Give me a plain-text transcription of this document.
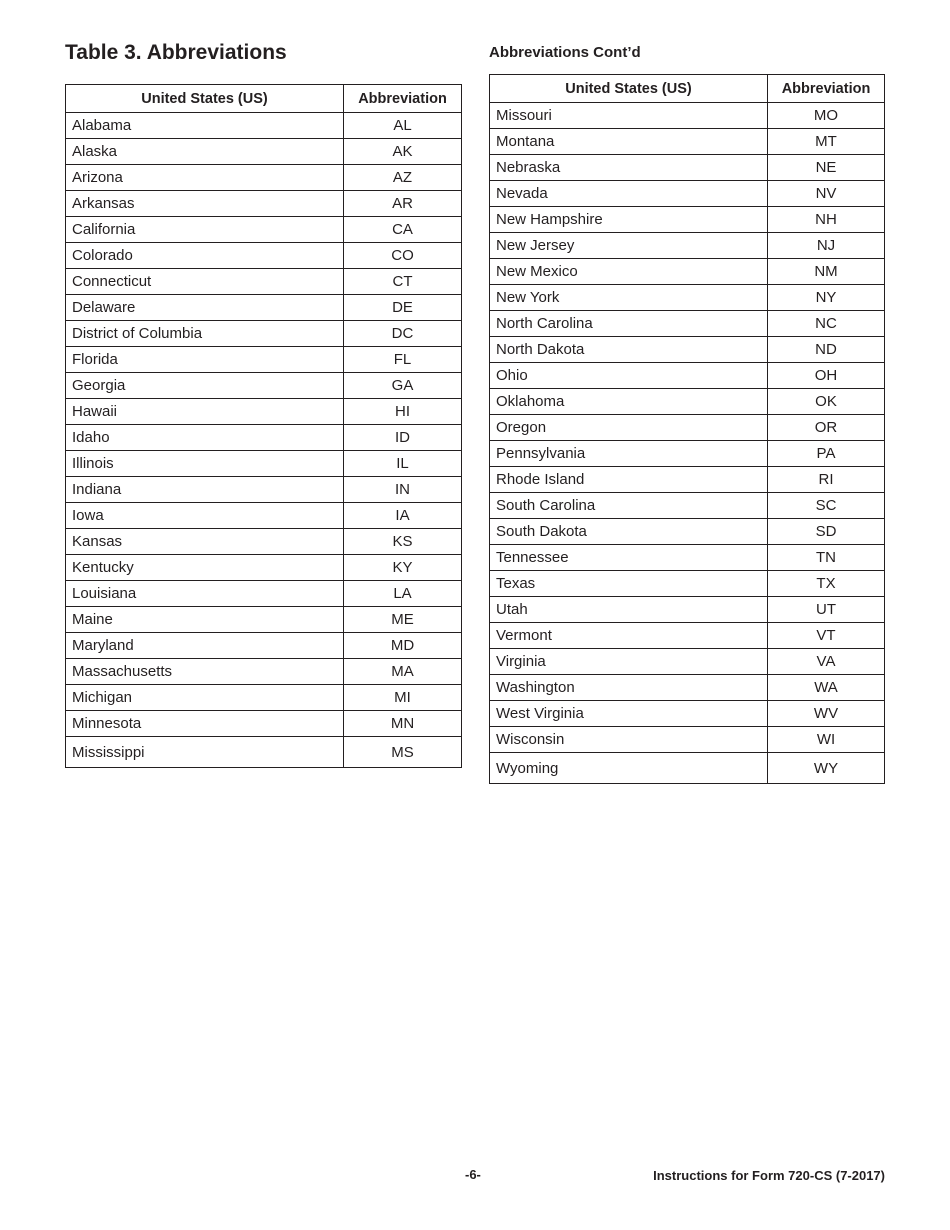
Table 3. Abbreviations	Abbreviations Cont’d
United States (US)	Abbreviation
Alabama	AL
Alaska	AK
Arizona	AZ
Arkansas	AR
California	CA
Colorado	CO
Connecticut	CT
Delaware	DE
District of Columbia	DC
Florida	FL
Georgia	GA
Hawaii	HI
Idaho	ID
Illinois	IL
Indiana	IN
Iowa	IA
Kansas	KS
Kentucky	KY
Louisiana	LA
Maine	ME
Maryland	MD
Massachusetts	MA
Michigan	MI
Minnesota	MN
Mississippi	MS
United States (US)	Abbreviation
Missouri	MO
Montana	MT
Nebraska	NE
Nevada	NV
New Hampshire	NH
New Jersey	NJ
New Mexico	NM
New York	NY
North Carolina	NC
North Dakota	ND
Ohio	OH
Oklahoma	OK
Oregon	OR
Pennsylvania	PA
Rhode Island	RI
South Carolina	SC
South Dakota	SD
Tennessee	TN
Texas	TX
Utah	UT
Vermont	VT
Virginia	VA
Washington	WA
West Virginia	WV
Wisconsin	WI
Wyoming	WY
-6-	Instructions for Form 720-CS (7-2017)
